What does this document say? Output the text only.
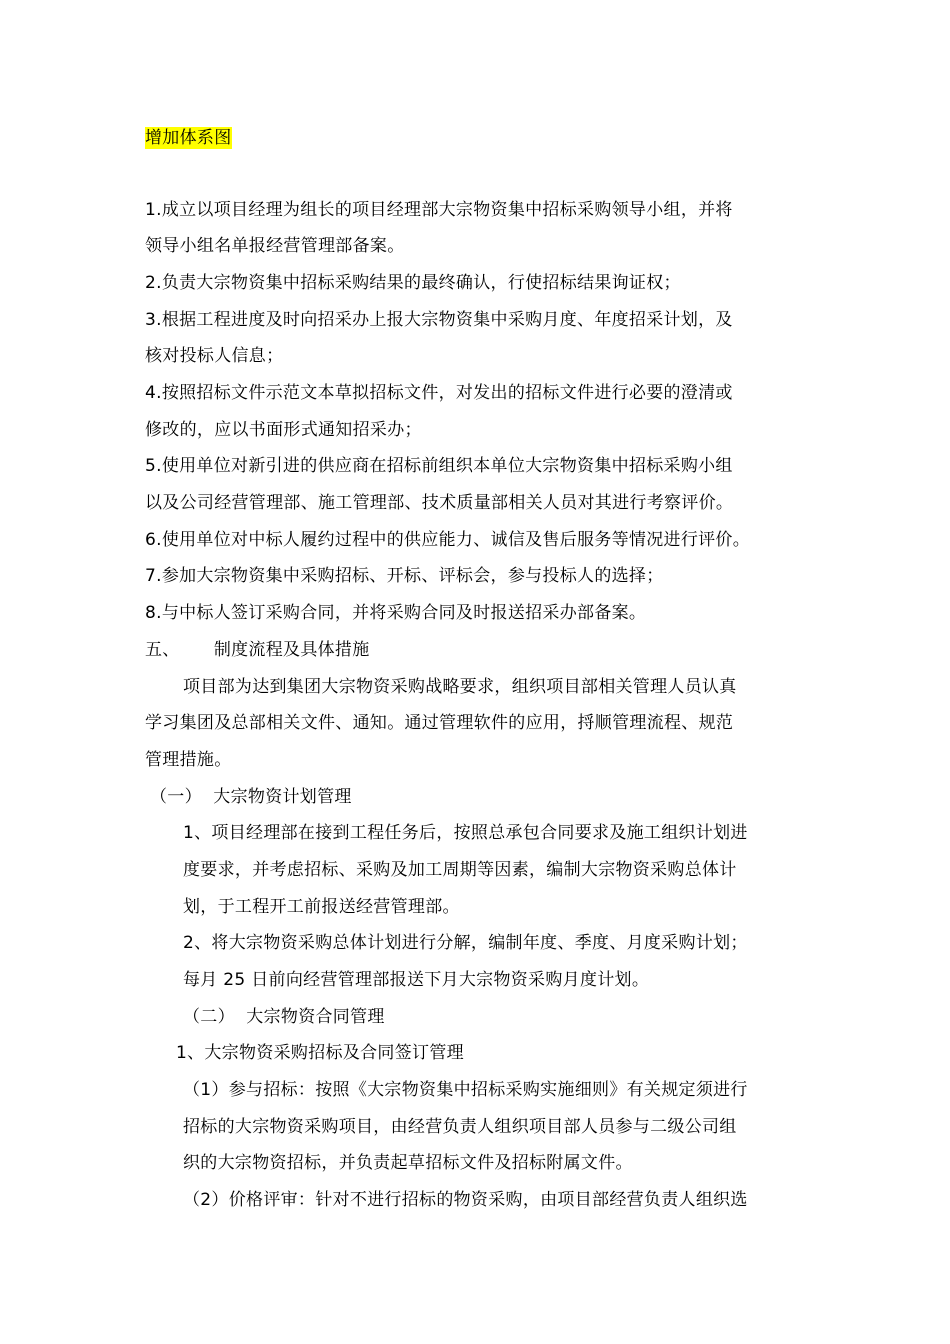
增加体系图
1.成立以项目经理为组长的项目经理部大宗物资集中招标采购领导小组，并将
领导小组名单报经营管理部备案。
2.负责大宗物资集中招标采购结果的最终确认，行使招标结果询证权；
3.根据工程进度及时向招采办上报大宗物资集中采购月度、年度招采计划，及
核对投标人信息；
4.按照招标文件示范文本草拟招标文件，对发出的招标文件进行必要的澄清或
修改的，应以书面形式通知招采办；
5.使用单位对新引进的供应商在招标前组织本单位大宗物资集中招标采购小组
以及公司经营管理部、施工管理部、技术质量部相关人员对其进行考察评价。
6.使用单位对中标人履约过程中的供应能力、诚信及售后服务等情况进行评价。
7.参加大宗物资集中采购招标、开标、评标会，参与投标人的选择；
8.与中标人签订采购合同，并将采购合同及时报送招采办部备案。
五、      制度流程及具体措施
项目部为达到集团大宗物资采购战略要求，组织项目部相关管理人员认真
学习集团及总部相关文件、通知。通过管理软件的应用，捋顺管理流程、规范
管理措施。
（一）  大宗物资计划管理
1、项目经理部在接到工程任务后，按照总承包合同要求及施工组织计划进
度要求，并考虑招标、采购及加工周期等因素，编制大宗物资采购总体计
划，于工程开工前报送经营管理部。
2、将大宗物资采购总体计划进行分解，编制年度、季度、月度采购计划；
每月 25 日前向经营管理部报送下月大宗物资采购月度计划。
（二）  大宗物资合同管理
1、大宗物资采购招标及合同签订管理
（1）参与招标：按照《大宗物资集中招标采购实施细则》有关规定须进行
招标的大宗物资采购项目，由经营负责人组织项目部人员参与二级公司组
织的大宗物资招标，并负责起草招标文件及招标附属文件。
（2）价格评审：针对不进行招标的物资采购，由项目部经营负责人组织选
